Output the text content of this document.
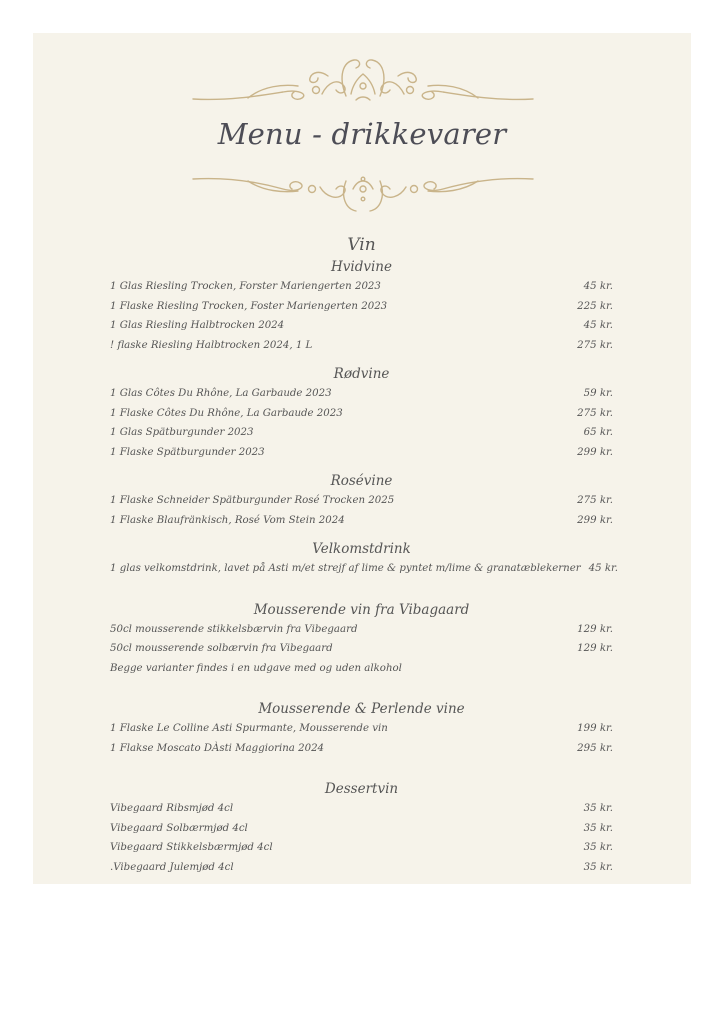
Menu - drikkevarer
Vin
Hvidvine
1 Glas Riesling Trocken, Forster Mariengerten 2023	45 kr.
1 Flaske Riesling Trocken, Foster Mariengerten 2023	225 kr.
1 Glas Riesling Halbtrocken 2024	45 kr.
! flaske Riesling Halbtrocken 2024, 1 L	275 kr.
Rødvine
1 Glas Côtes Du Rhône, La Garbaude 2023	59 kr.
1 Flaske Côtes Du Rhône, La Garbaude 2023	275 kr.
1 Glas Spätburgunder 2023	65 kr.
1 Flaske Spätburgunder 2023	299 kr.
Rosévine
1 Flaske Schneider Spätburgunder Rosé Trocken 2025	275 kr.
1 Flaske Blaufränkisch, Rosé Vom Stein 2024	299 kr.
Velkomstdrink
1 glas velkomstdrink, lavet på Asti m/et strejf af lime & pyntet m/lime & granatæblekerner 45 kr.
Mousserende vin fra Vibagaard
50cl mousserende stikkelsbærvin fra Vibegaard	129 kr.
50cl mousserende solbærvin fra Vibegaard	129 kr.
Begge varianter findes i en udgave med og uden alkohol
Mousserende & Perlende vine
1 Flaske Le Colline Asti Spurmante, Mousserende vin	199 kr.
1 Flakse Moscato DÀsti Maggiorina 2024	295 kr.
Dessertvin
Vibegaard Ribsmjød 4cl	35 kr.
Vibegaard Solbærmjød 4cl	35 kr.
Vibegaard Stikkelsbærmjød 4cl	35 kr.
.Vibegaard Julemjød 4cl	35 kr.
